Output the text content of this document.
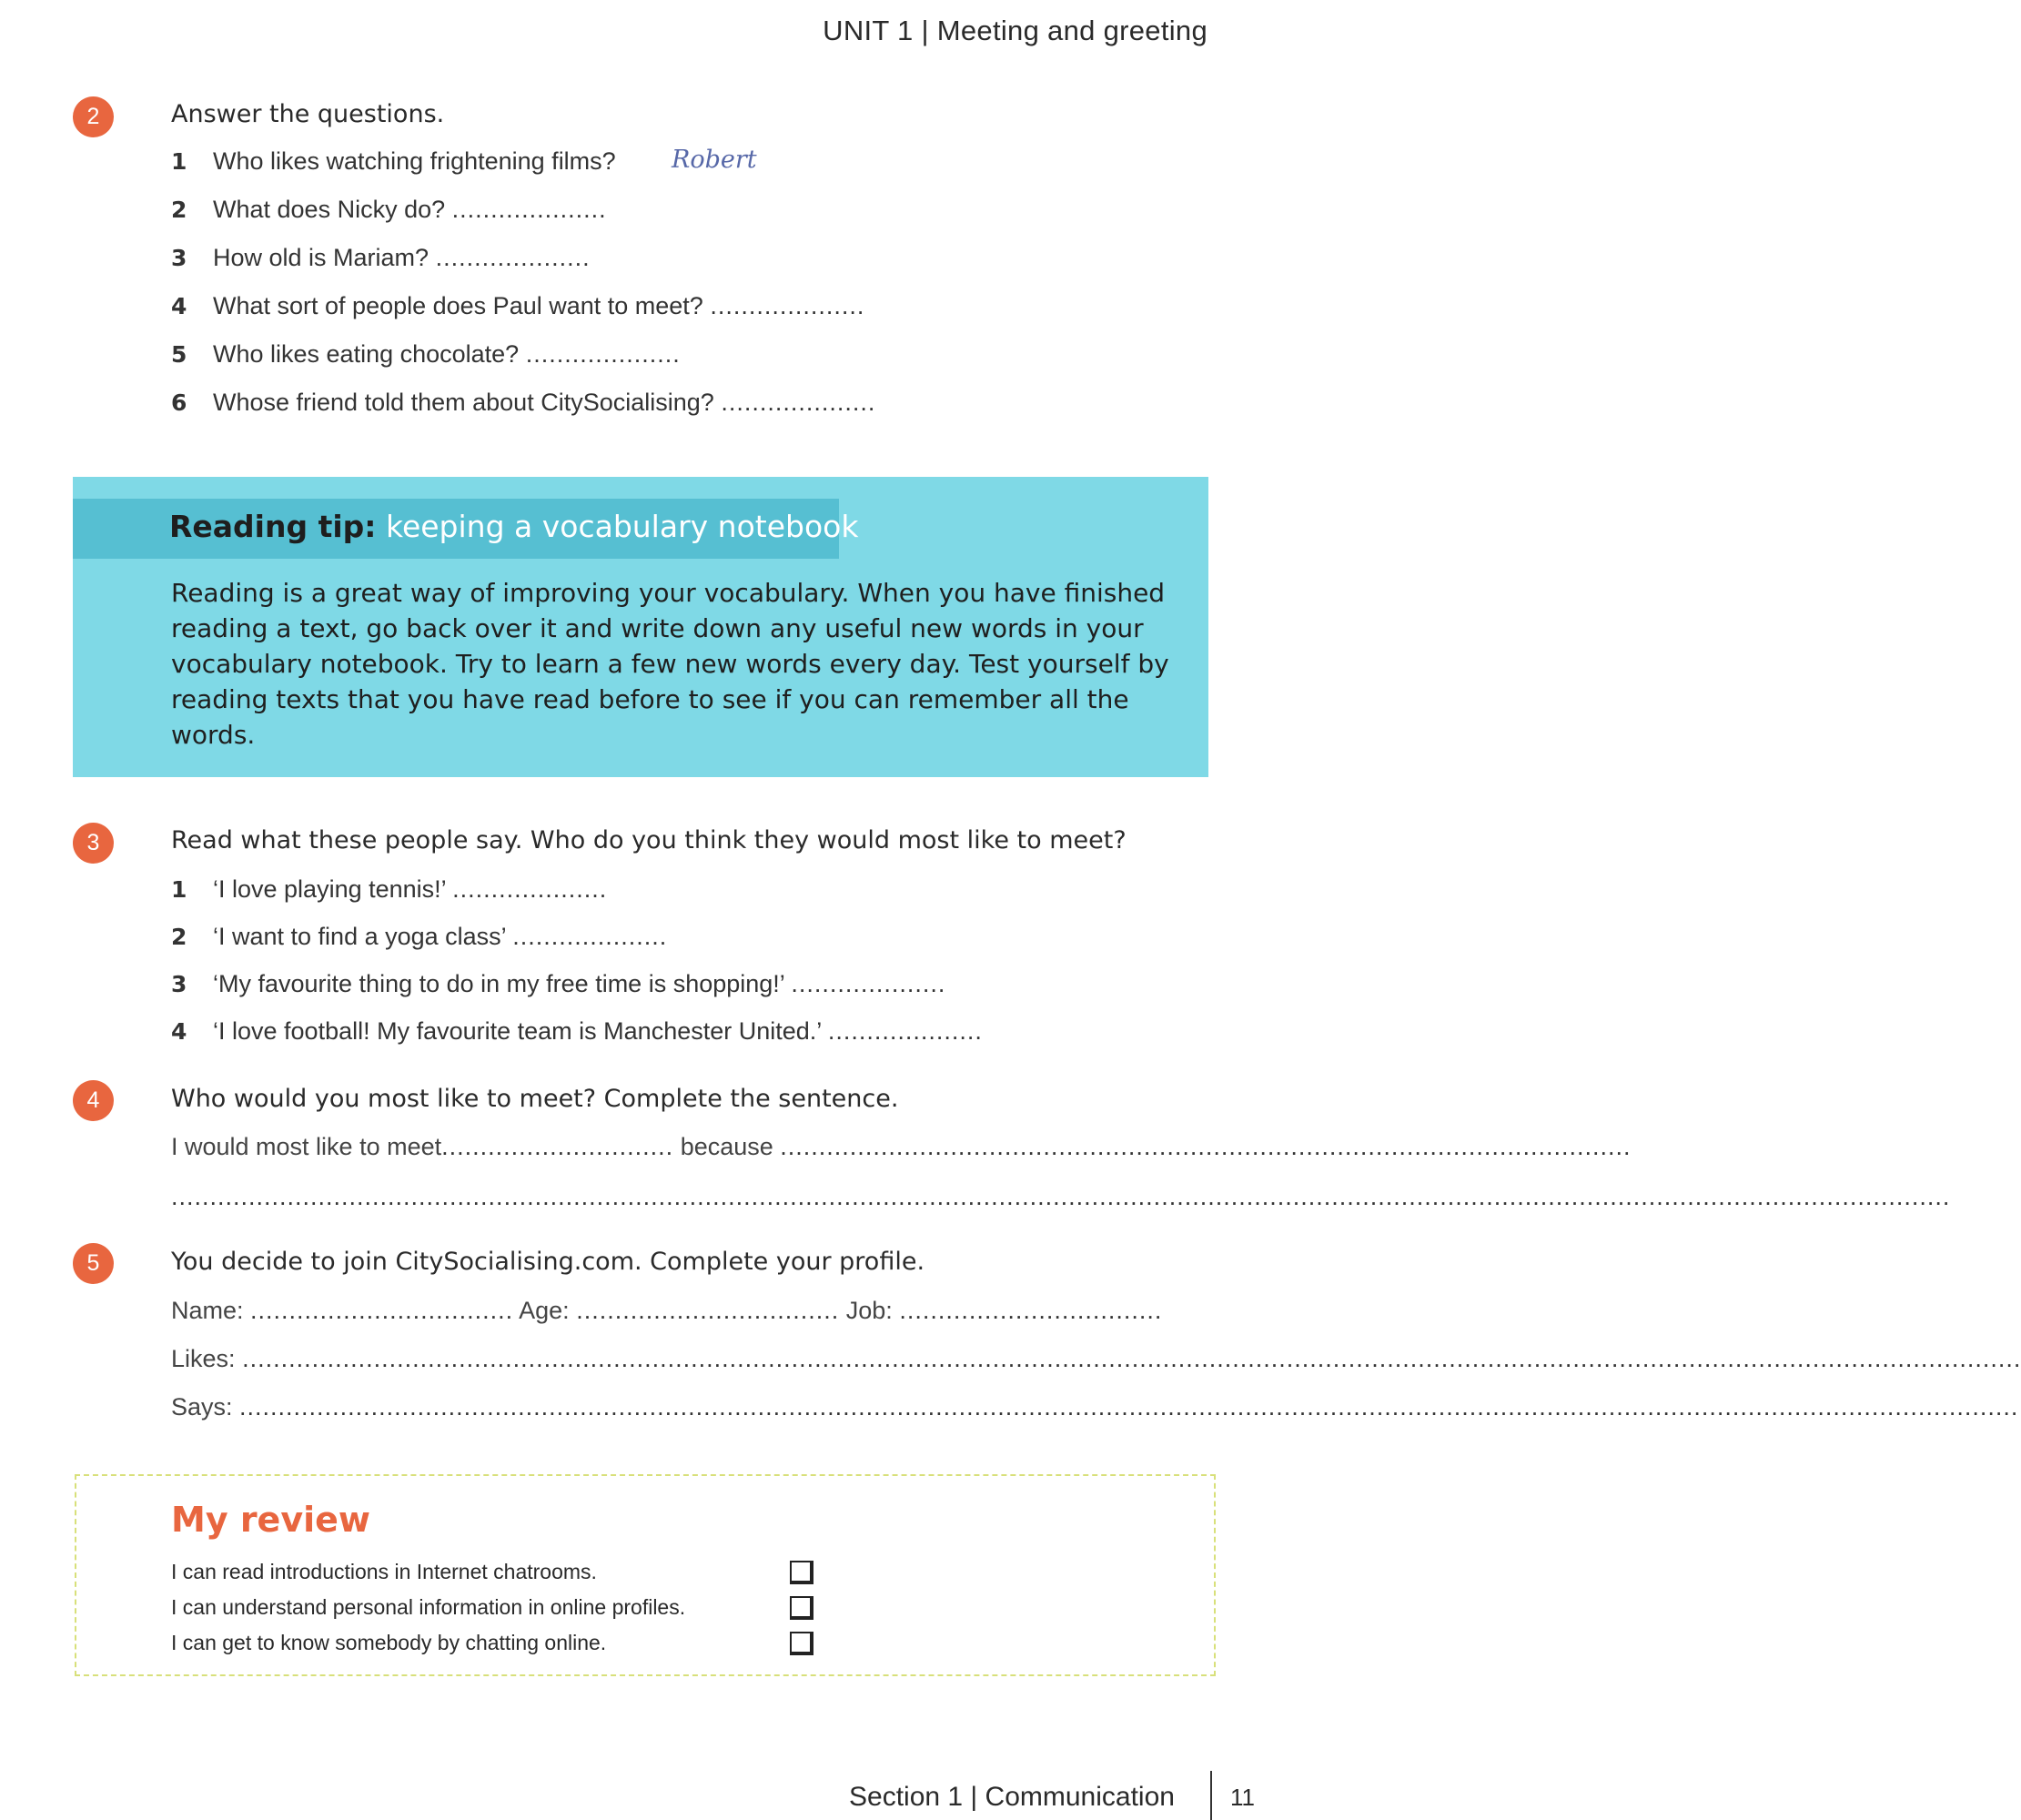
UNIT 1 | Meeting and greeting
2	Answer the questions.
1 Who likes watching frightening films? Robert
2 What does Nicky do? ....................
3 How old is Mariam? ....................
4 What sort of people does Paul want to meet? ....................
5 Who likes eating chocolate? ....................
6 Whose friend told them about CitySocialising? ....................
Reading tip: keeping a vocabulary notebook
Reading is a great way of improving your vocabulary. When you have finished reading a text, go back over it and write down any useful new words in your vocabulary notebook. Try to learn a few new words every day. Test yourself by reading texts that you have read before to see if you can remember all the words.
3	Read what these people say. Who do you think they would most like to meet?
1 ‘I love playing tennis!’ ....................
2 ‘I want to find a yoga class’ ....................
3 ‘My favourite thing to do in my free time is shopping!’ ....................
4 ‘I love football! My favourite team is Manchester United.’ ....................
4	Who would you most like to meet? Complete the sentence.
I would most like to meet.............................. because ..............................................................................................................
......................................................................................................................................................................................................................................
5	You decide to join CitySocialising.com. Complete your profile.
Name: .................................. Age: .................................. Job: ..................................
Likes: ......................................................................................................................................................................................................................................
Says: ......................................................................................................................................................................................................................................
My review
I can read introductions in Internet chatrooms.
I can understand personal information in online profiles.
I can get to know somebody by chatting online.
Section 1 | Communication 11
